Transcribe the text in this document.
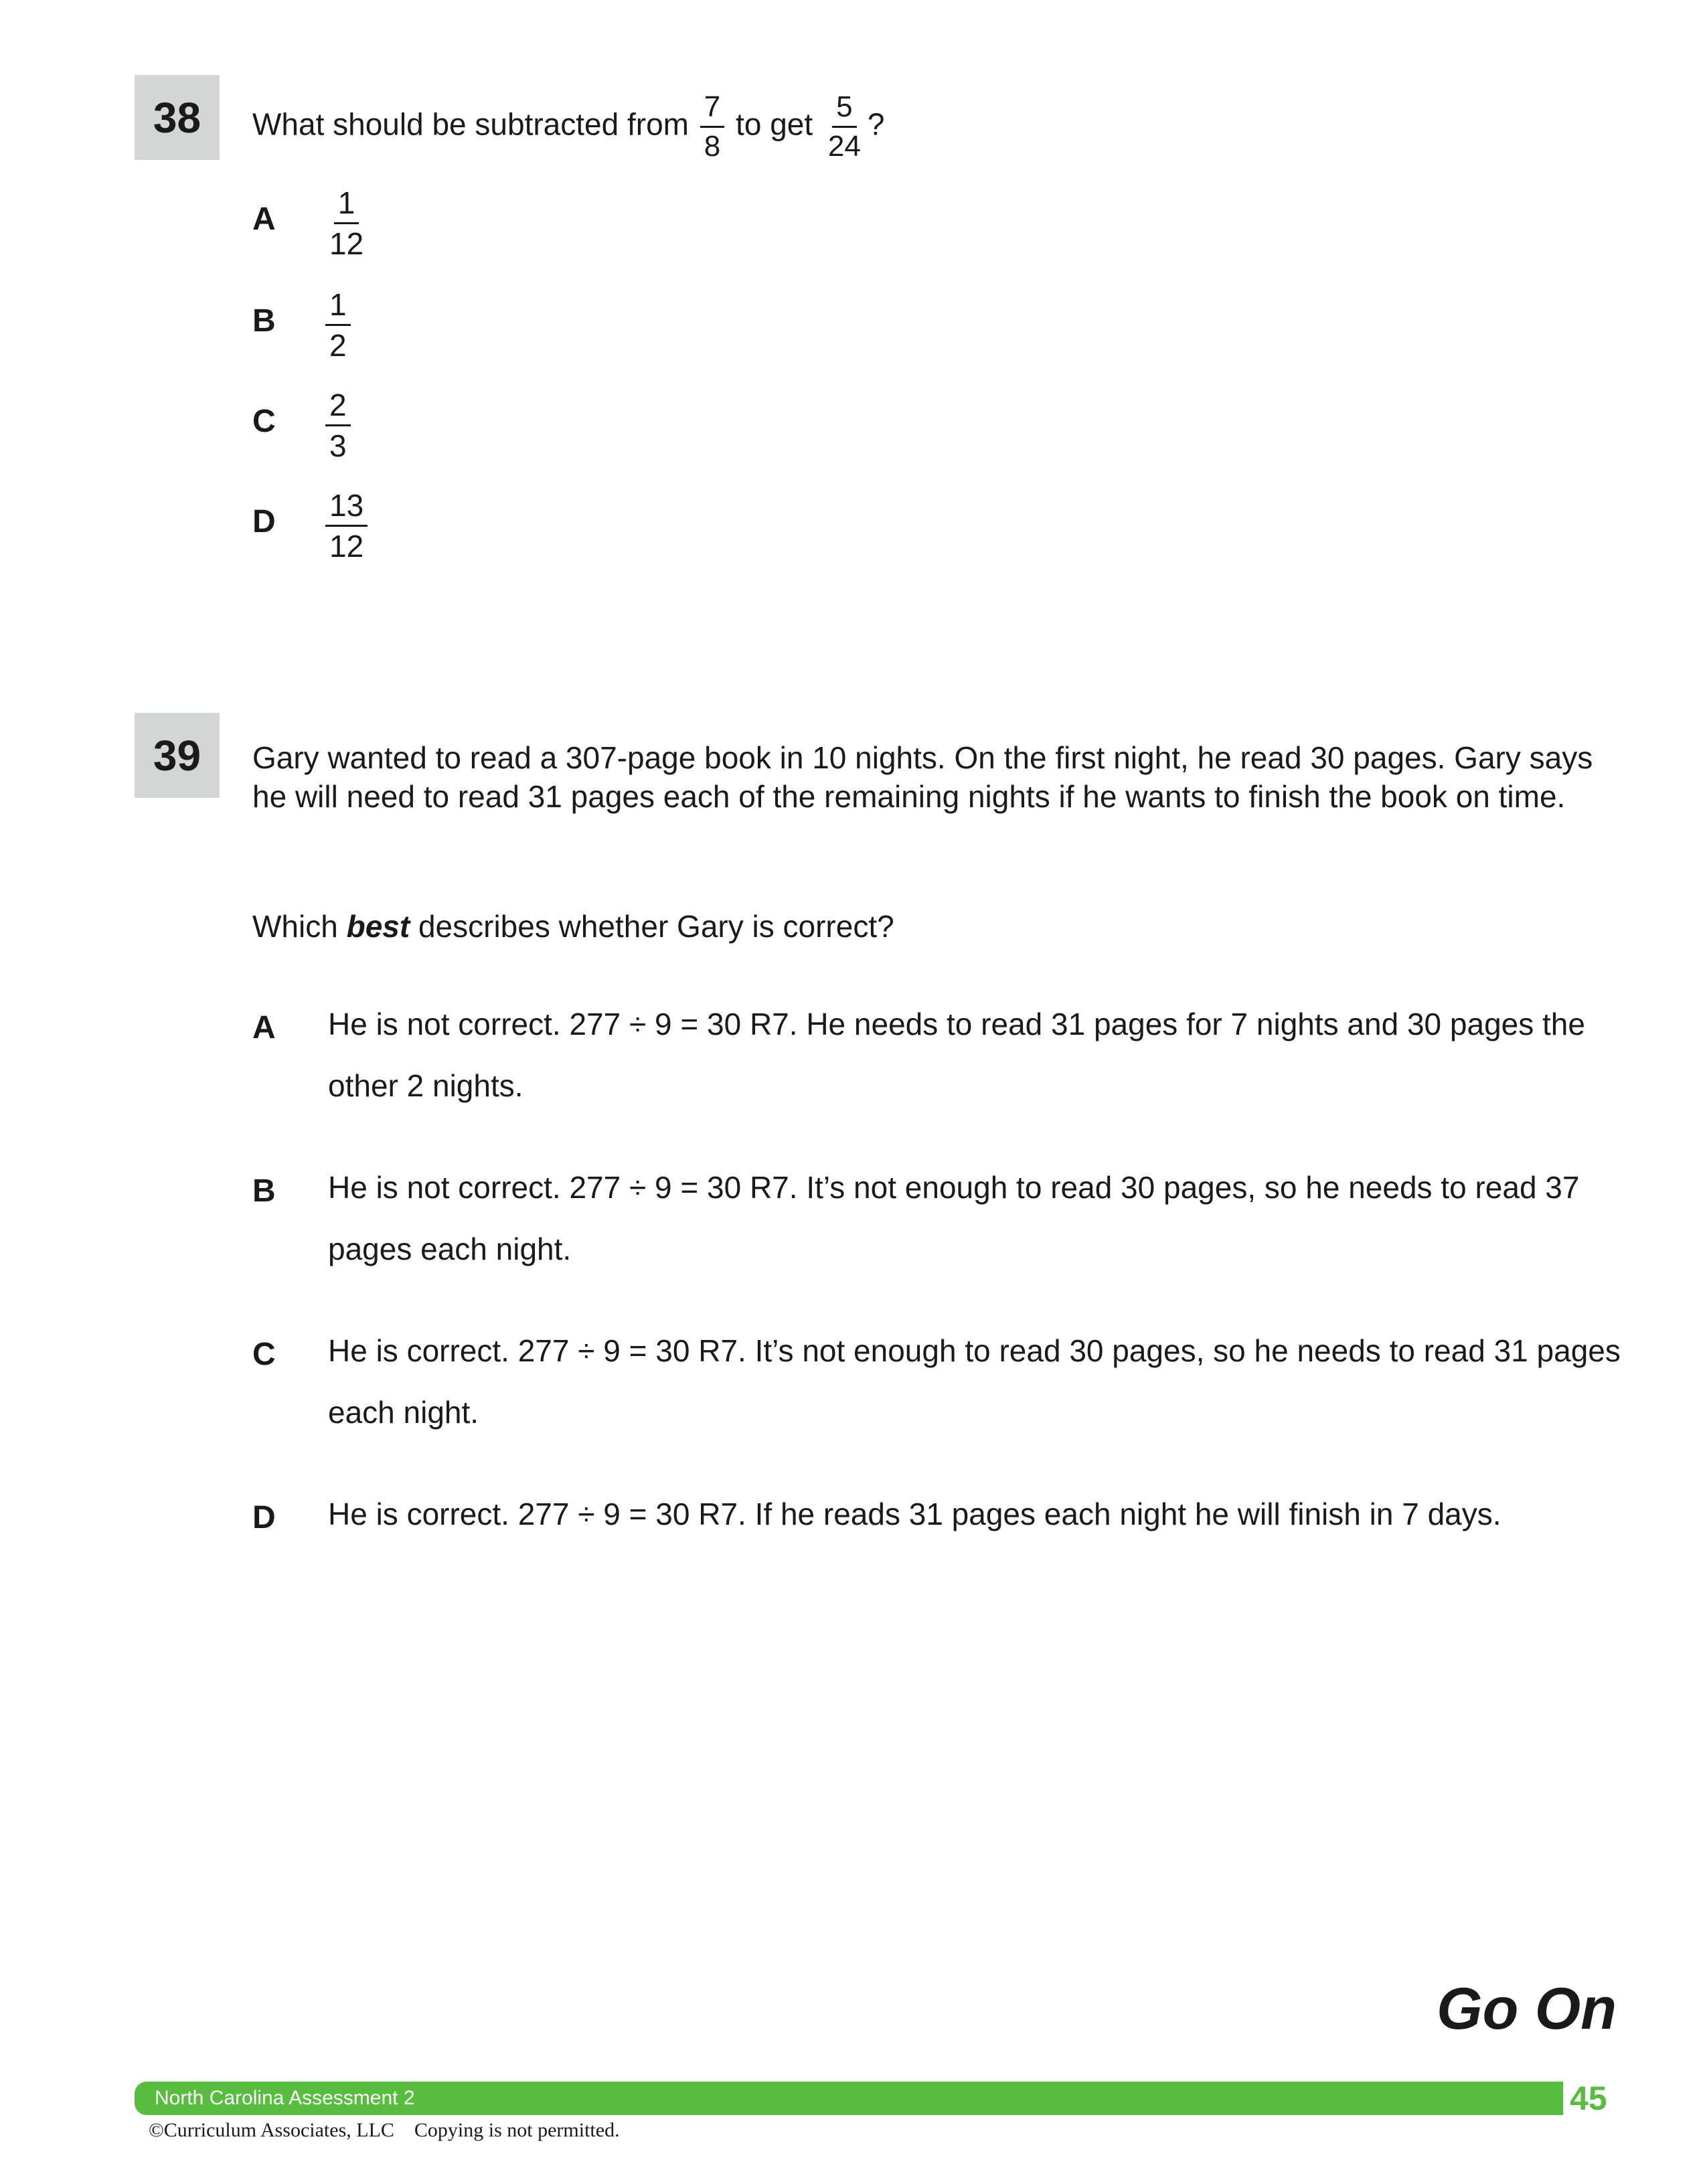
38	What should be subtracted from $\frac{7}{8}$ to get $\frac{5}{24}$ ?
A $\frac{1}{12}$
B $\frac{1}{2}$
C $\frac{2}{3}$
D $\frac{13}{12}$
39	Gary wanted to read a 307-page book in 10 nights. On the first night, he read 30 pages. Gary says he will need to read 31 pages each of the remaining nights if he wants to finish the book on time.
Which best describes whether Gary is correct?
A He is not correct. 277 ÷ 9 = 30 R7. He needs to read 31 pages for 7 nights and 30 pages the other 2 nights.
B He is not correct. 277 ÷ 9 = 30 R7. It’s not enough to read 30 pages, so he needs to read 37 pages each night.
C He is correct. 277 ÷ 9 = 30 R7. It’s not enough to read 30 pages, so he needs to read 31 pages each night.
D He is correct. 277 ÷ 9 = 30 R7. If he reads 31 pages each night he will finish in 7 days.
Go On
North Carolina Assessment 2	45
©Curriculum Associates, LLC    Copying is not permitted.
